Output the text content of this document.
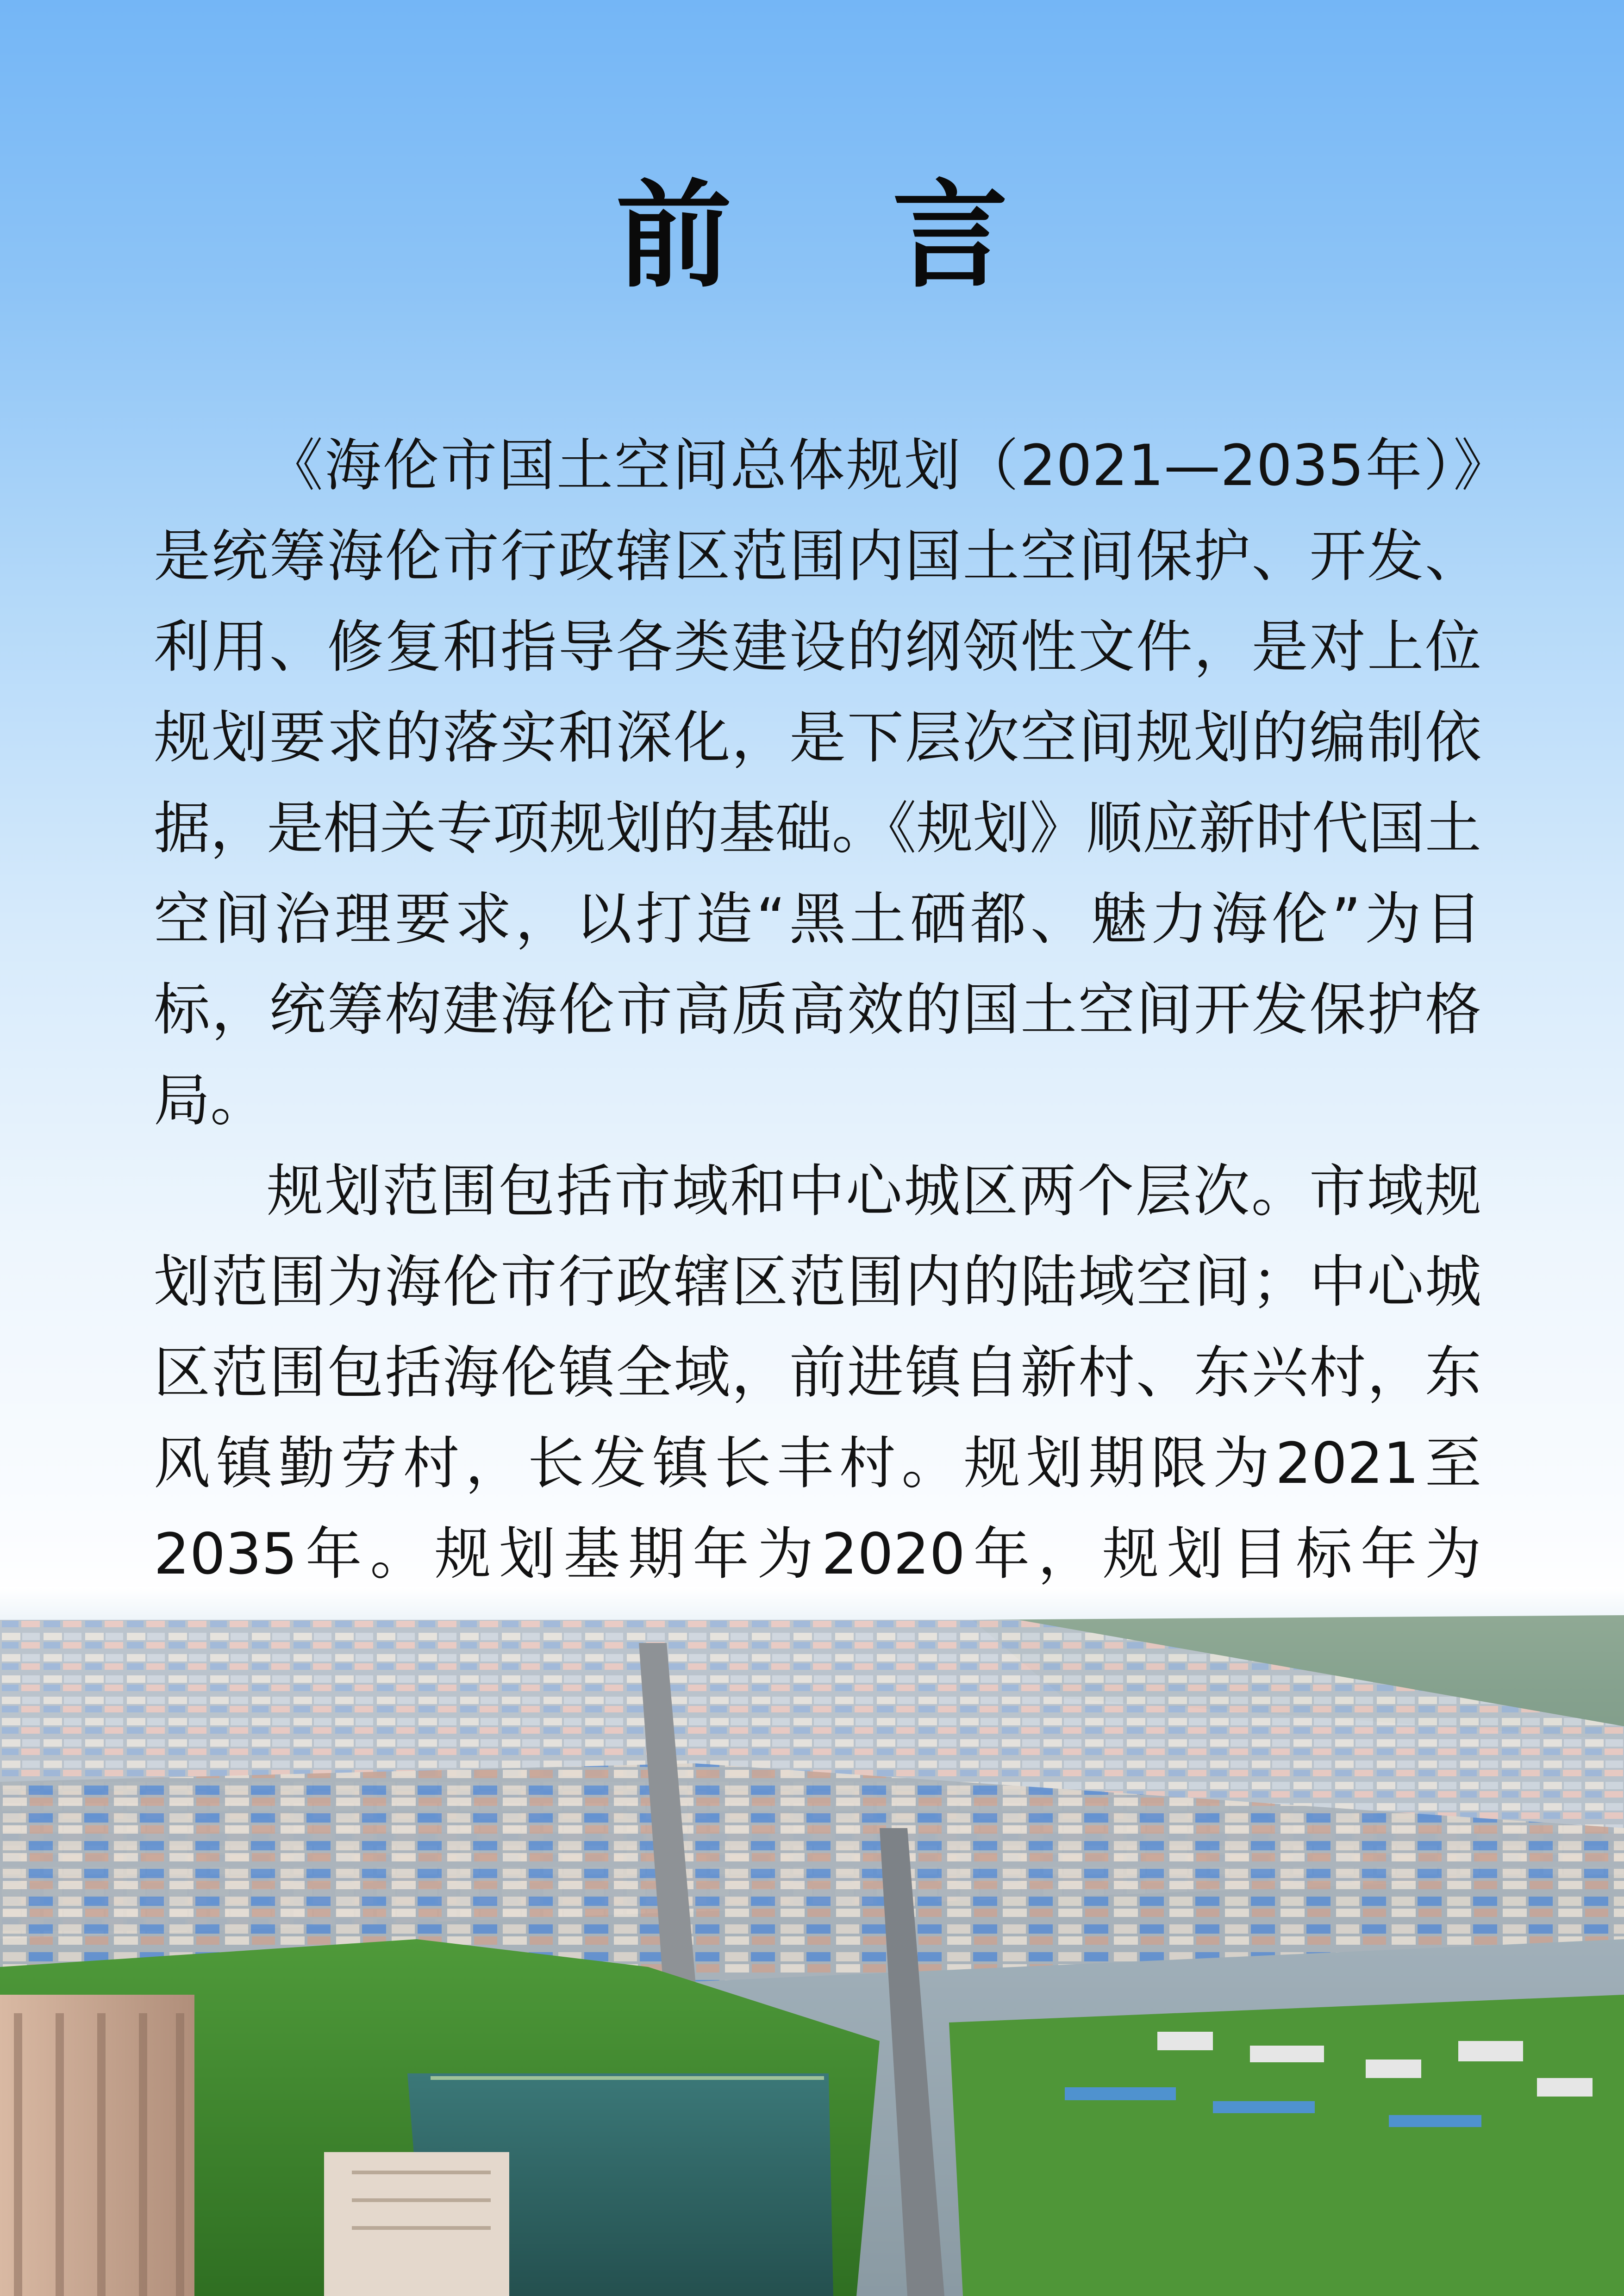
前 言

《海伦市国土空间总体规划（2021—2035年）》是统筹海伦市行政辖区范围内国土空间保护、开发、利用、修复和指导各类建设的纲领性文件，是对上位规划要求的落实和深化，是下层次空间规划的编制依据，是相关专项规划的基础。《规划》顺应新时代国土空间治理要求，以打造“黑土硒都、魅力海伦”为目标，统筹构建海伦市高质高效的国土空间开发保护格局。

规划范围包括市域和中心城区两个层次。市域规划范围为海伦市行政辖区范围内的陆域空间；中心城区范围包括海伦镇全域，前进镇自新村、东兴村，东风镇勤劳村，长发镇长丰村。规划期限为2021至2035年。规划基期年为2020年，规划目标年为
